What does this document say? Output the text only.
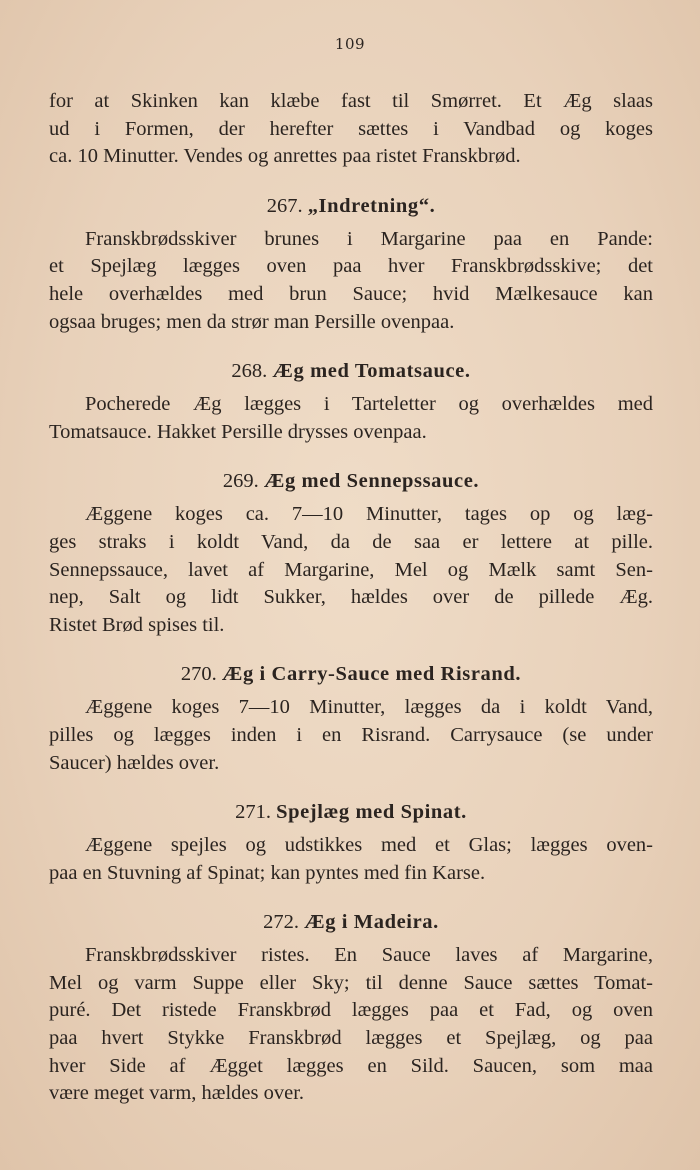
109

for at Skinken kan klæbe fast til Smørret. Et Æg slaas
ud i Formen, der herefter sættes i Vandbad og koges
ca. 10 Minutter. Vendes og anrettes paa ristet Franskbrød.

267. „Indretning“.

Franskbrødsskiver brunes i Margarine paa en Pande:
et Spejlæg lægges oven paa hver Franskbrødsskive; det
hele overhældes med brun Sauce; hvid Mælkesauce kan
ogsaa bruges; men da strør man Persille ovenpaa.

268. Æg med Tomatsauce.

Pocherede Æg lægges i Tarteletter og overhældes med
Tomatsauce. Hakket Persille drysses ovenpaa.

269. Æg med Sennepssauce.

Æggene koges ca. 7—10 Minutter, tages op og læg-
ges straks i koldt Vand, da de saa er lettere at pille.
Sennepssauce, lavet af Margarine, Mel og Mælk samt Sen-
nep, Salt og lidt Sukker, hældes over de pillede Æg.
Ristet Brød spises til.

270. Æg i Carry-Sauce med Risrand.

Æggene koges 7—10 Minutter, lægges da i koldt Vand,
pilles og lægges inden i en Risrand. Carrysauce (se under
Saucer) hældes over.

271. Spejlæg med Spinat.

Æggene spejles og udstikkes med et Glas; lægges oven-
paa en Stuvning af Spinat; kan pyntes med fin Karse.

272. Æg i Madeira.

Franskbrødsskiver ristes. En Sauce laves af Margarine,
Mel og varm Suppe eller Sky; til denne Sauce sættes Tomat-
puré. Det ristede Franskbrød lægges paa et Fad, og oven
paa hvert Stykke Franskbrød lægges et Spejlæg, og paa
hver Side af Ægget lægges en Sild. Saucen, som maa
være meget varm, hældes over.
